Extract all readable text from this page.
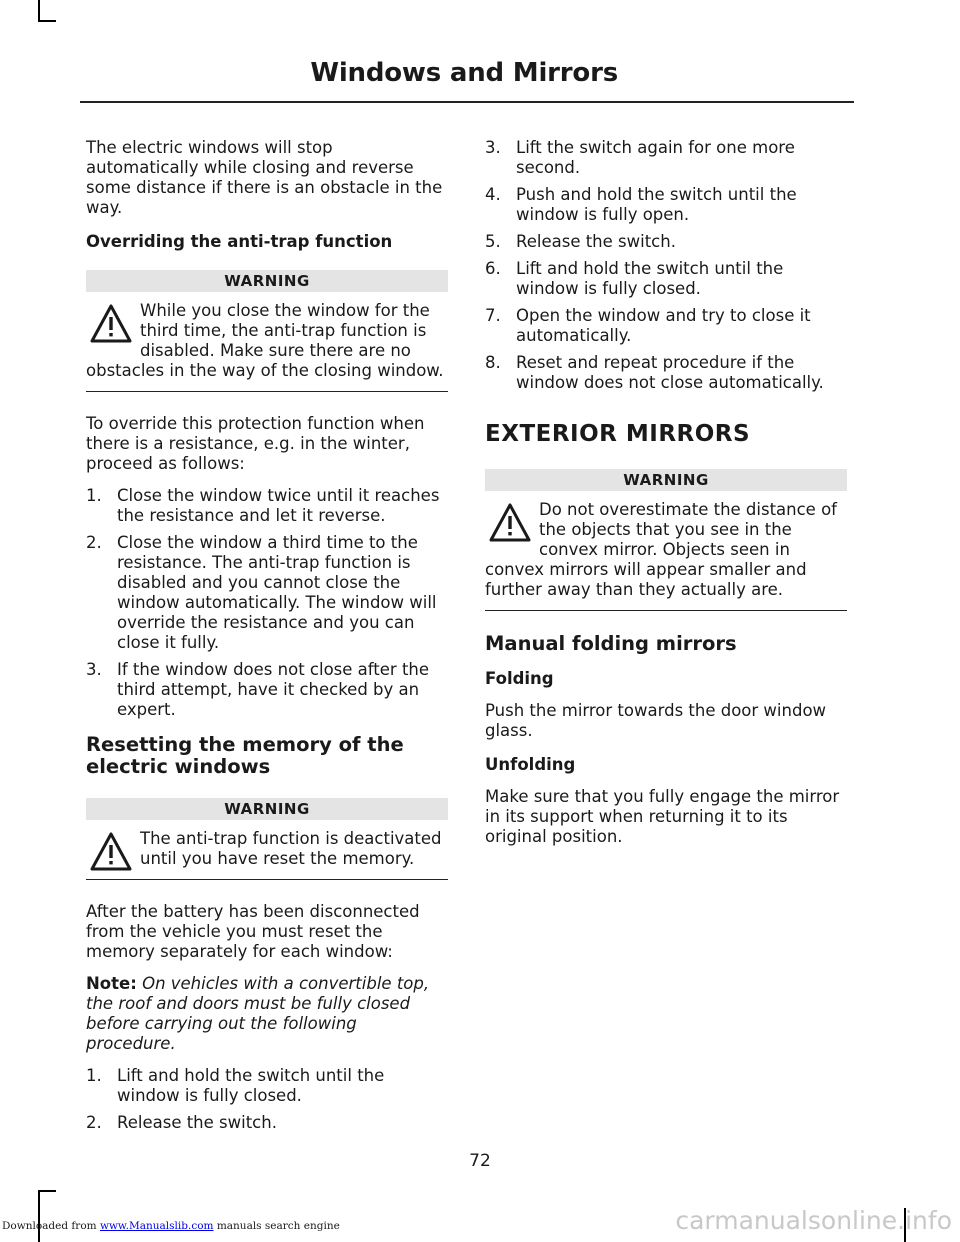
Windows and Mirrors

The electric windows will stop automatically while closing and reverse some distance if there is an obstacle in the way.

Overriding the anti-trap function
WARNING
While you close the window for the third time, the anti-trap function is disabled. Make sure there are no obstacles in the way of the closing window.

To override this protection function when there is a resistance, e.g. in the winter, proceed as follows:

1. Close the window twice until it reaches the resistance and let it reverse.
2. Close the window a third time to the resistance. The anti-trap function is disabled and you cannot close the window automatically. The window will override the resistance and you can close it fully.
3. If the window does not close after the third attempt, have it checked by an expert.
Resetting the memory of the electric windows
WARNING
The anti-trap function is deactivated until you have reset the memory.

After the battery has been disconnected from the vehicle you must reset the memory separately for each window:

Note: On vehicles with a convertible top, the roof and doors must be fully closed before carrying out the following procedure.

1. Lift and hold the switch until the window is fully closed.
2. Release the switch.
3. Lift the switch again for one more second.
4. Push and hold the switch until the window is fully open.
5. Release the switch.
6. Lift and hold the switch until the window is fully closed.
7. Open the window and try to close it automatically.
8. Reset and repeat procedure if the window does not close automatically.
EXTERIOR MIRRORS
WARNING
Do not overestimate the distance of the objects that you see in the convex mirror. Objects seen in convex mirrors will appear smaller and further away than they actually are.
Manual folding mirrors
Folding

Push the mirror towards the door window glass.

Unfolding

Make sure that you fully engage the mirror in its support when returning it to its original position.

72
Downloaded from www.Manualslib.com manuals search engine	carmanualsonline.info
